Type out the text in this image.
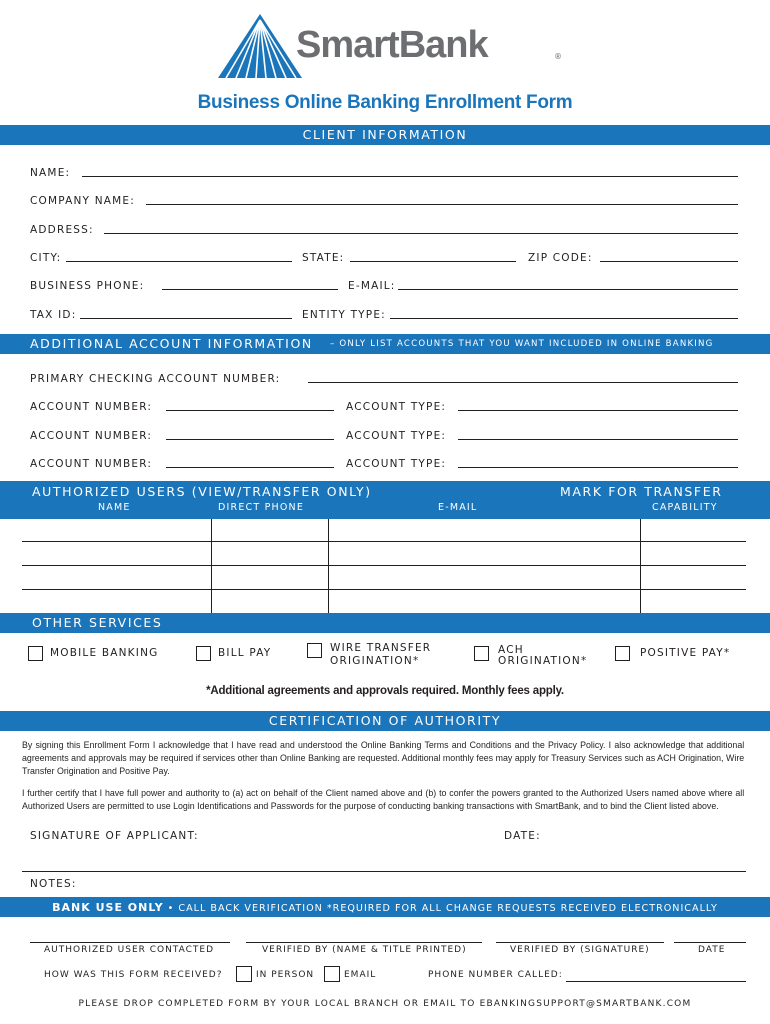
SmartBank	®
Business Online Banking Enrollment Form
CLIENT INFORMATION
NAME:
COMPANY NAME:
ADDRESS:
CITY:	STATE:	ZIP CODE:
BUSINESS PHONE:	E-MAIL:
TAX ID:	ENTITY TYPE:
ADDITIONAL ACCOUNT INFORMATION – ONLY LIST ACCOUNTS THAT YOU WANT INCLUDED IN ONLINE BANKING
PRIMARY CHECKING ACCOUNT NUMBER:
ACCOUNT NUMBER:	ACCOUNT TYPE:
ACCOUNT NUMBER:	ACCOUNT TYPE:
ACCOUNT NUMBER:	ACCOUNT TYPE:
AUTHORIZED USERS (VIEW/TRANSFER ONLY)	MARK FOR TRANSFER
NAME	DIRECT PHONE	E-MAIL	CAPABILITY
OTHER SERVICES
MOBILE BANKING	BILL PAY	WIRE TRANSFER
ORIGINATION*
ACH
ORIGINATION*
POSITIVE PAY*
*Additional agreements and approvals required. Monthly fees apply.
CERTIFICATION OF AUTHORITY
By signing this Enrollment Form I acknowledge that I have read and understood the Online Banking Terms and Conditions and the Privacy Policy. I also acknowledge that additional agreements and approvals may be required if services other than Online Banking are requested. Additional monthly fees may apply for Treasury Services such as ACH Origination, Wire Transfer Origination and Positive Pay.
I further certify that I have full power and authority to (a) act on behalf of the Client named above and (b) to confer the powers granted to the Authorized Users named above where all Authorized Users are permitted to use Login Identifications and Passwords for the purpose of conducting banking transactions with SmartBank, and to bind the Client listed above.
SIGNATURE OF APPLICANT:	DATE:
NOTES:
BANK USE ONLY • CALL BACK VERIFICATION *REQUIRED FOR ALL CHANGE REQUESTS RECEIVED ELECTRONICALLY
AUTHORIZED USER CONTACTED	VERIFIED BY (NAME & TITLE PRINTED)	VERIFIED BY (SIGNATURE)	DATE
HOW WAS THIS FORM RECEIVED?	IN PERSON	EMAIL	PHONE NUMBER CALLED:
PLEASE DROP COMPLETED FORM BY YOUR LOCAL BRANCH OR EMAIL TO EBANKINGSUPPORT@SMARTBANK.COM
